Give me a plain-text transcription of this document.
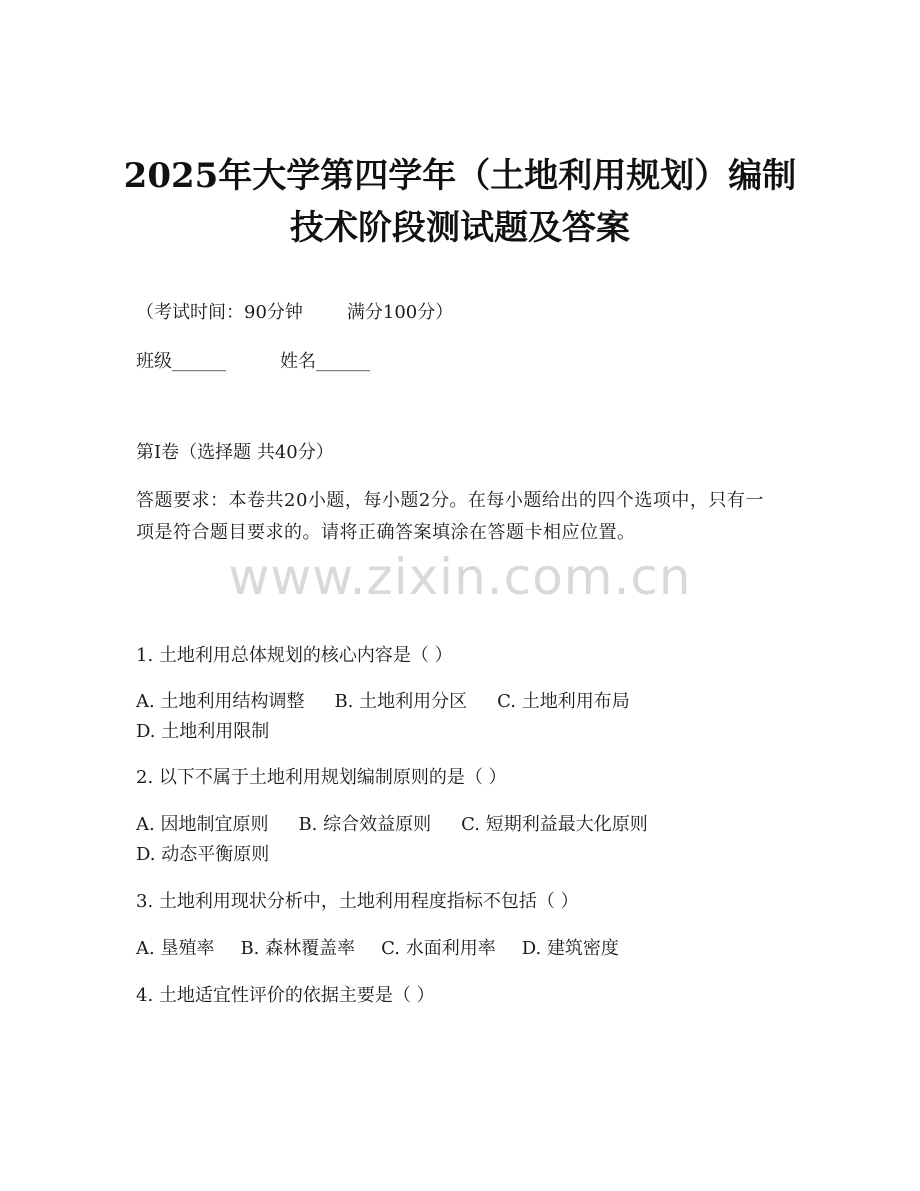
2025年大学第四学年（土地利用规划）编制
技术阶段测试题及答案
（考试时间：90分钟 满分100分）
班级______	姓名______
第I卷（选择题 共40分）
答题要求：本卷共20小题，每小题2分。在每小题给出的四个选项中，只有一项是符合题目要求的。请将正确答案填涂在答题卡相应位置。
www.zixin.com.cn
1. 土地利用总体规划的核心内容是（ ）
A. 土地利用结构调整 B. 土地利用分区 C. 土地利用布局
D. 土地利用限制
2. 以下不属于土地利用规划编制原则的是（ ）
A. 因地制宜原则 B. 综合效益原则 C. 短期利益最大化原则
D. 动态平衡原则
3. 土地利用现状分析中，土地利用程度指标不包括（ ）
A. 垦殖率 B. 森林覆盖率 C. 水面利用率 D. 建筑密度
4. 土地适宜性评价的依据主要是（ ）
